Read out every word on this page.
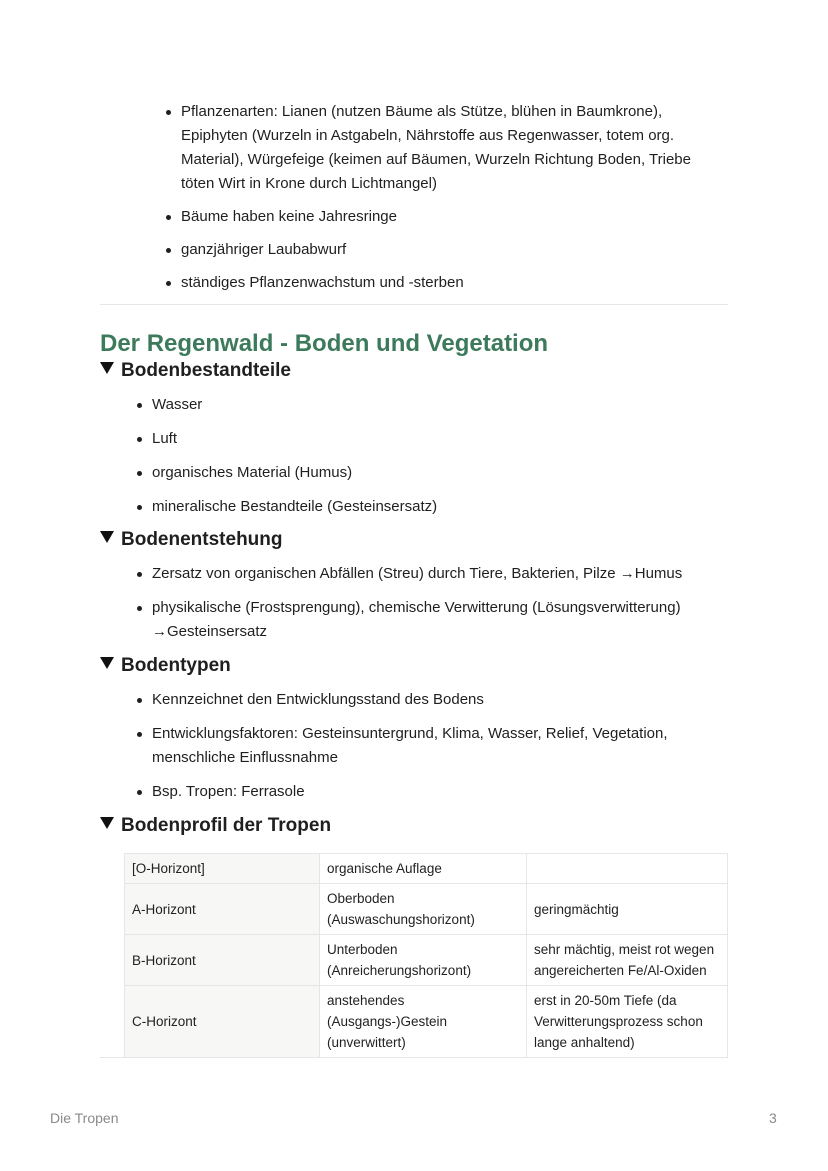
Pflanzenarten: Lianen (nutzen Bäume als Stütze, blühen in Baumkrone), Epiphyten (Wurzeln in Astgabeln, Nährstoffe aus Regenwasser, totem org. Material), Würgefeige (keimen auf Bäumen, Wurzeln Richtung Boden, Triebe töten Wirt in Krone durch Lichtmangel)
Bäume haben keine Jahresringe
ganzjähriger Laubabwurf
ständiges Pflanzenwachstum und -sterben
Der Regenwald - Boden und Vegetation
Bodenbestandteile
Wasser
Luft
organisches Material (Humus)
mineralische Bestandteile (Gesteinsersatz)
Bodenentstehung
Zersatz von organischen Abfällen (Streu) durch Tiere, Bakterien, Pilze →Humus
physikalische (Frostsprengung), chemische Verwitterung (Lösungsverwitterung) →Gesteinsersatz
Bodentypen
Kennzeichnet den Entwicklungsstand des Bodens
Entwicklungsfaktoren: Gesteinsuntergrund, Klima, Wasser, Relief, Vegetation, menschliche Einflussnahme
Bsp. Tropen: Ferrasole
Bodenprofil der Tropen
[O-Horizont]	organische Auflage	
A-Horizont	Oberboden (Auswaschungshorizont)	geringmächtig
B-Horizont	Unterboden (Anreicherungshorizont)	sehr mächtig, meist rot wegen angereicherten Fe/Al-Oxiden
C-Horizont	anstehendes (Ausgangs-)Gestein (unverwittert)	erst in 20-50m Tiefe (da Verwitterungsprozess schon lange anhaltend)
Die Tropen	3
